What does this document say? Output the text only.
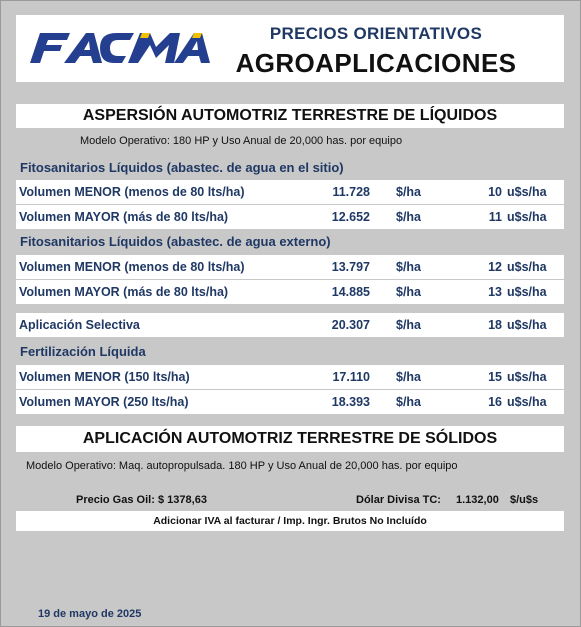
PRECIOS ORIENTATIVOS
AGROAPLICACIONES
ASPERSIÓN AUTOMOTRIZ TERRESTRE DE LÍQUIDOS
Modelo Operativo: 180 HP y Uso Anual de 20,000 has. por equipo
Fitosanitarios Líquidos (abastec. de agua en el sitio)
Volumen MENOR (menos de 80 lts/ha)	11.728 $/ha	10 u$s/ha
Volumen MAYOR (más de 80 lts/ha)	12.652 $/ha	11 u$s/ha
Fitosanitarios Líquidos (abastec. de agua externo)
Volumen MENOR (menos de 80 lts/ha)	13.797 $/ha	12 u$s/ha
Volumen MAYOR (más de 80 lts/ha)	14.885 $/ha	13 u$s/ha
Aplicación Selectiva	20.307 $/ha	18 u$s/ha
Fertilización Líquida
Volumen MENOR (150 lts/ha)	17.110 $/ha	15 u$s/ha
Volumen MAYOR (250 lts/ha)	18.393 $/ha	16 u$s/ha
APLICACIÓN AUTOMOTRIZ TERRESTRE DE SÓLIDOS
Modelo Operativo: Maq. autopropulsada. 180 HP y Uso Anual de 20,000 has. por equipo
Precio Gas Oil: $ 1378,63	Dólar Divisa TC: 1.132,00 $/u$s
Adicionar IVA al facturar / Imp. Ingr. Brutos No Incluído
19 de mayo de 2025
